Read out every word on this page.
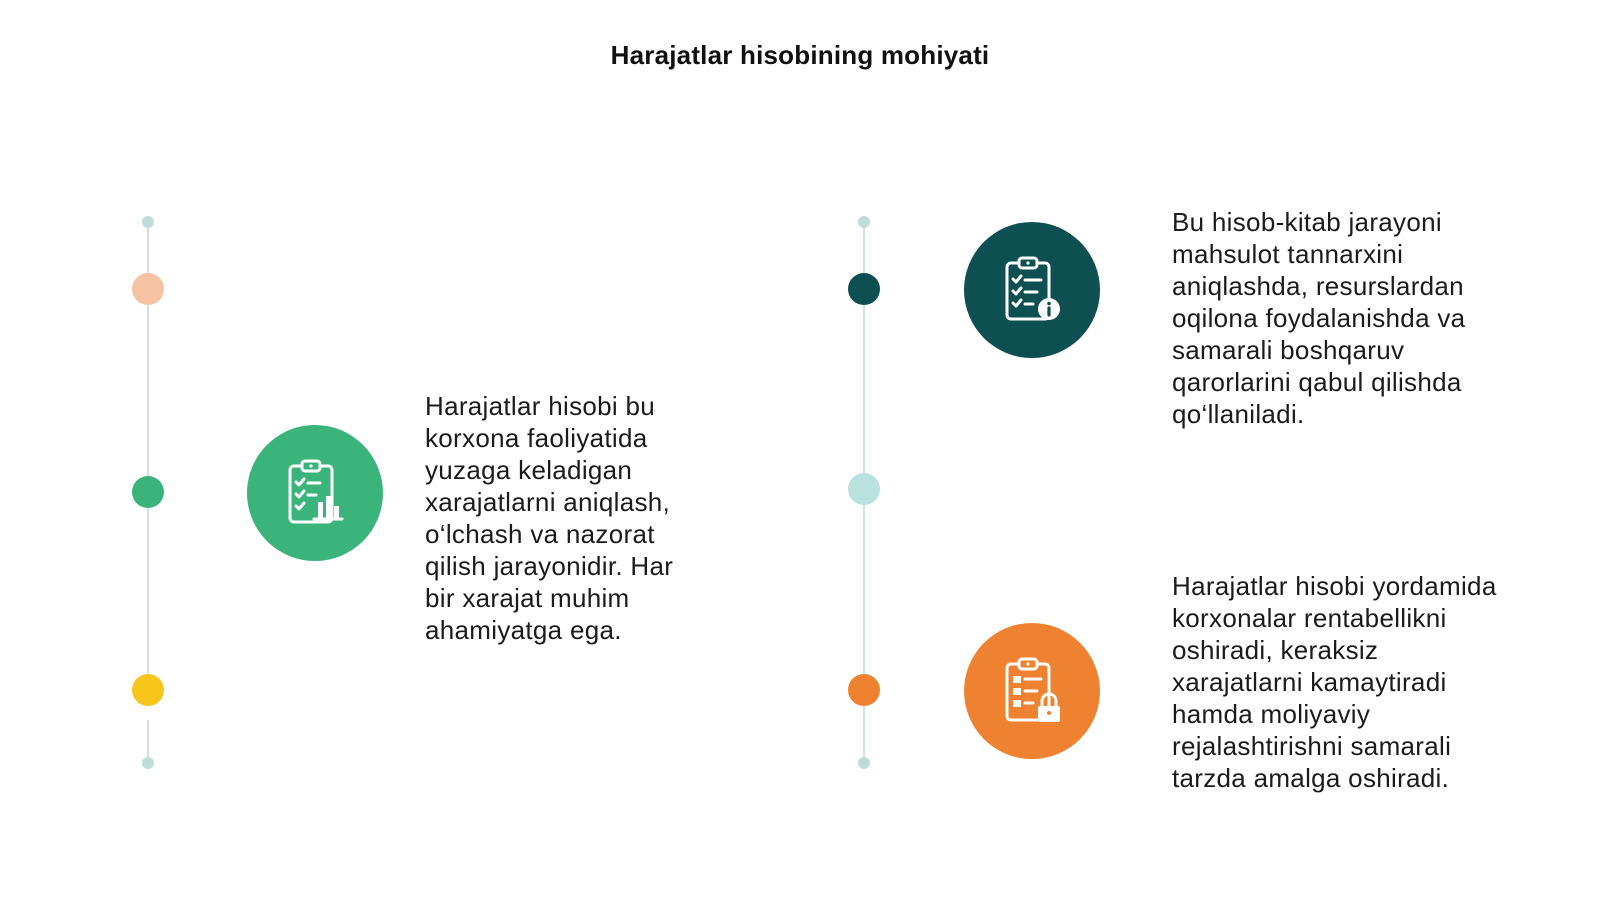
Harajatlar hisobining mohiyati
Harajatlar hisobi bu
korxona faoliyatida
yuzaga keladigan
xarajatlarni aniqlash,
o‘lchash va nazorat
qilish jarayonidir. Har
bir xarajat muhim
ahamiyatga ega.
Bu hisob-kitab jarayoni
mahsulot tannarxini
aniqlashda, resurslardan
oqilona foydalanishda va
samarali boshqaruv
qarorlarini qabul qilishda
qo‘llaniladi.
Harajatlar hisobi yordamida
korxonalar rentabellikni
oshiradi, keraksiz
xarajatlarni kamaytiradi
hamda moliyaviy
rejalashtirishni samarali
tarzda amalga oshiradi.
